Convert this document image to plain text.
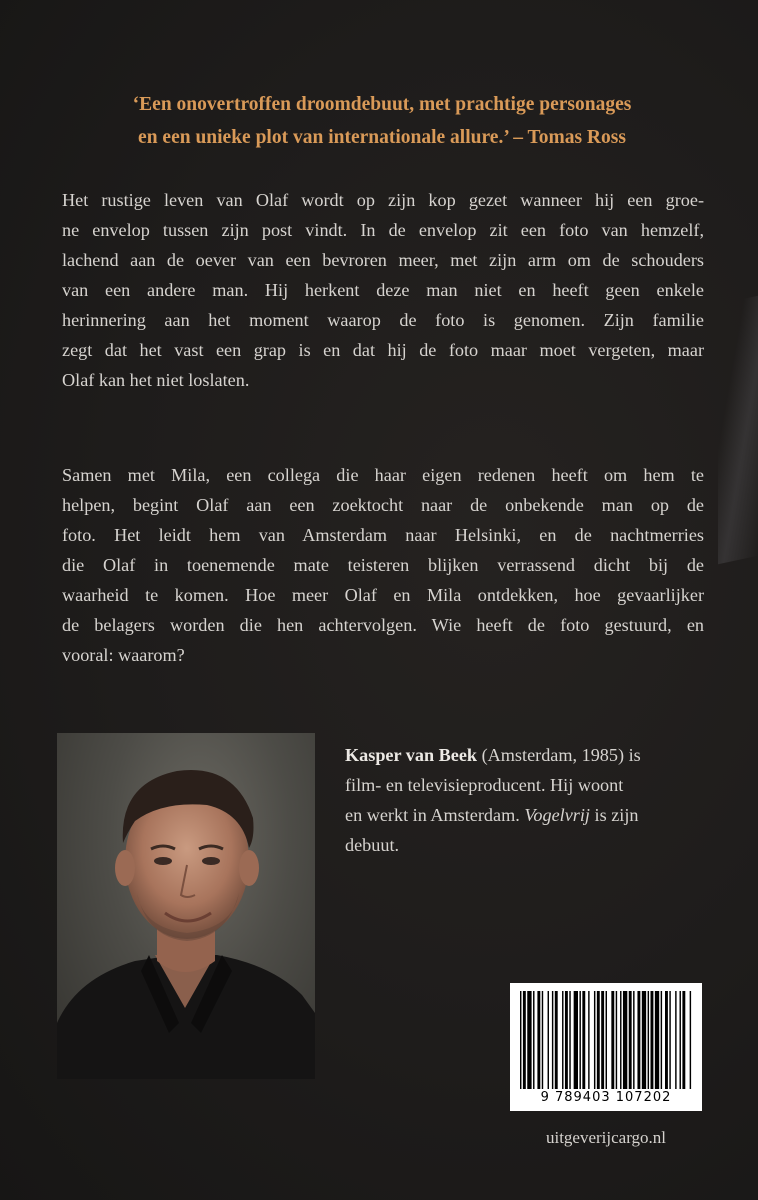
‘Een onovertroffen droomdebuut, met prachtige personages

en een unieke plot van internationale allure.’ – Tomas Ross

Het rustige leven van Olaf wordt op zijn kop gezet wanneer hij een groe-

ne envelop tussen zijn post vindt. In de envelop zit een foto van hemzelf,

lachend aan de oever van een bevroren meer, met zijn arm om de schouders

van een andere man. Hij herkent deze man niet en heeft geen enkele

herinnering aan het moment waarop de foto is genomen. Zijn familie

zegt dat het vast een grap is en dat hij de foto maar moet vergeten, maar

Olaf kan het niet loslaten.

Samen met Mila, een collega die haar eigen redenen heeft om hem te

helpen, begint Olaf aan een zoektocht naar de onbekende man op de

foto. Het leidt hem van Amsterdam naar Helsinki, en de nachtmerries

die Olaf in toenemende mate teisteren blijken verrassend dicht bij de

waarheid te komen. Hoe meer Olaf en Mila ontdekken, hoe gevaarlijker

de belagers worden die hen achtervolgen. Wie heeft de foto gestuurd, en

vooral: waarom?

Kasper van Beek (Amsterdam, 1985) is

film- en televisieproducent. Hij woont

en werkt in Amsterdam. Vogelvrij is zijn

debuut.

9 789403 107202
uitgeverijcargo.nl
